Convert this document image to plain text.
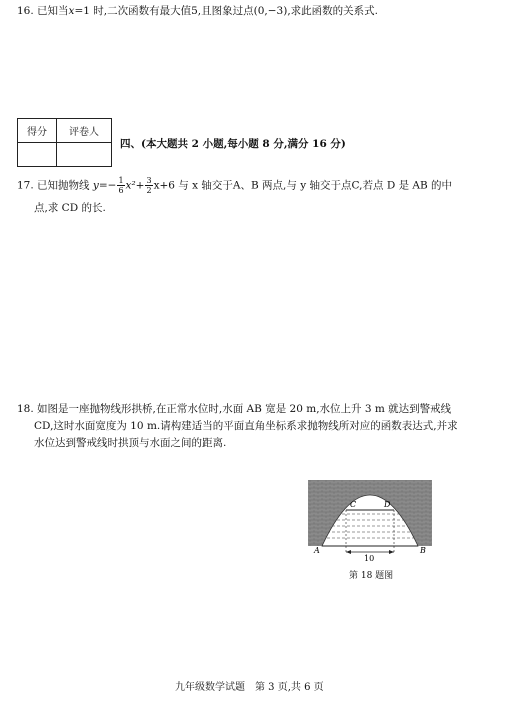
16. 已知当x=1 时,二次函数有最大值5,且图象过点(0,−3),求此函数的关系式.
得分	评卷人

四、(本大题共 2 小题,每小题 8 分,满分 16 分)
17. 已知抛物线 $y=- \frac{1}{6} x^2+ \frac{3}{2} x+6$ 与 x 轴交于A、B 两点,与 y 轴交于点C,若点 D 是 AB 的中
点,求 CD 的长.
18. 如图是一座抛物线形拱桥,在正常水位时,水面 AB 宽是 20 m,水位上升 3 m 就达到警戒线
CD,这时水面宽度为 10 m.请构建适当的平面直角坐标系求抛物线所对应的函数表达式,并求
水位达到警戒线时拱顶与水面之间的距离.
C	D
A	B
10
第 18 题图
九年级数学试题　第 3 页,共 6 页
